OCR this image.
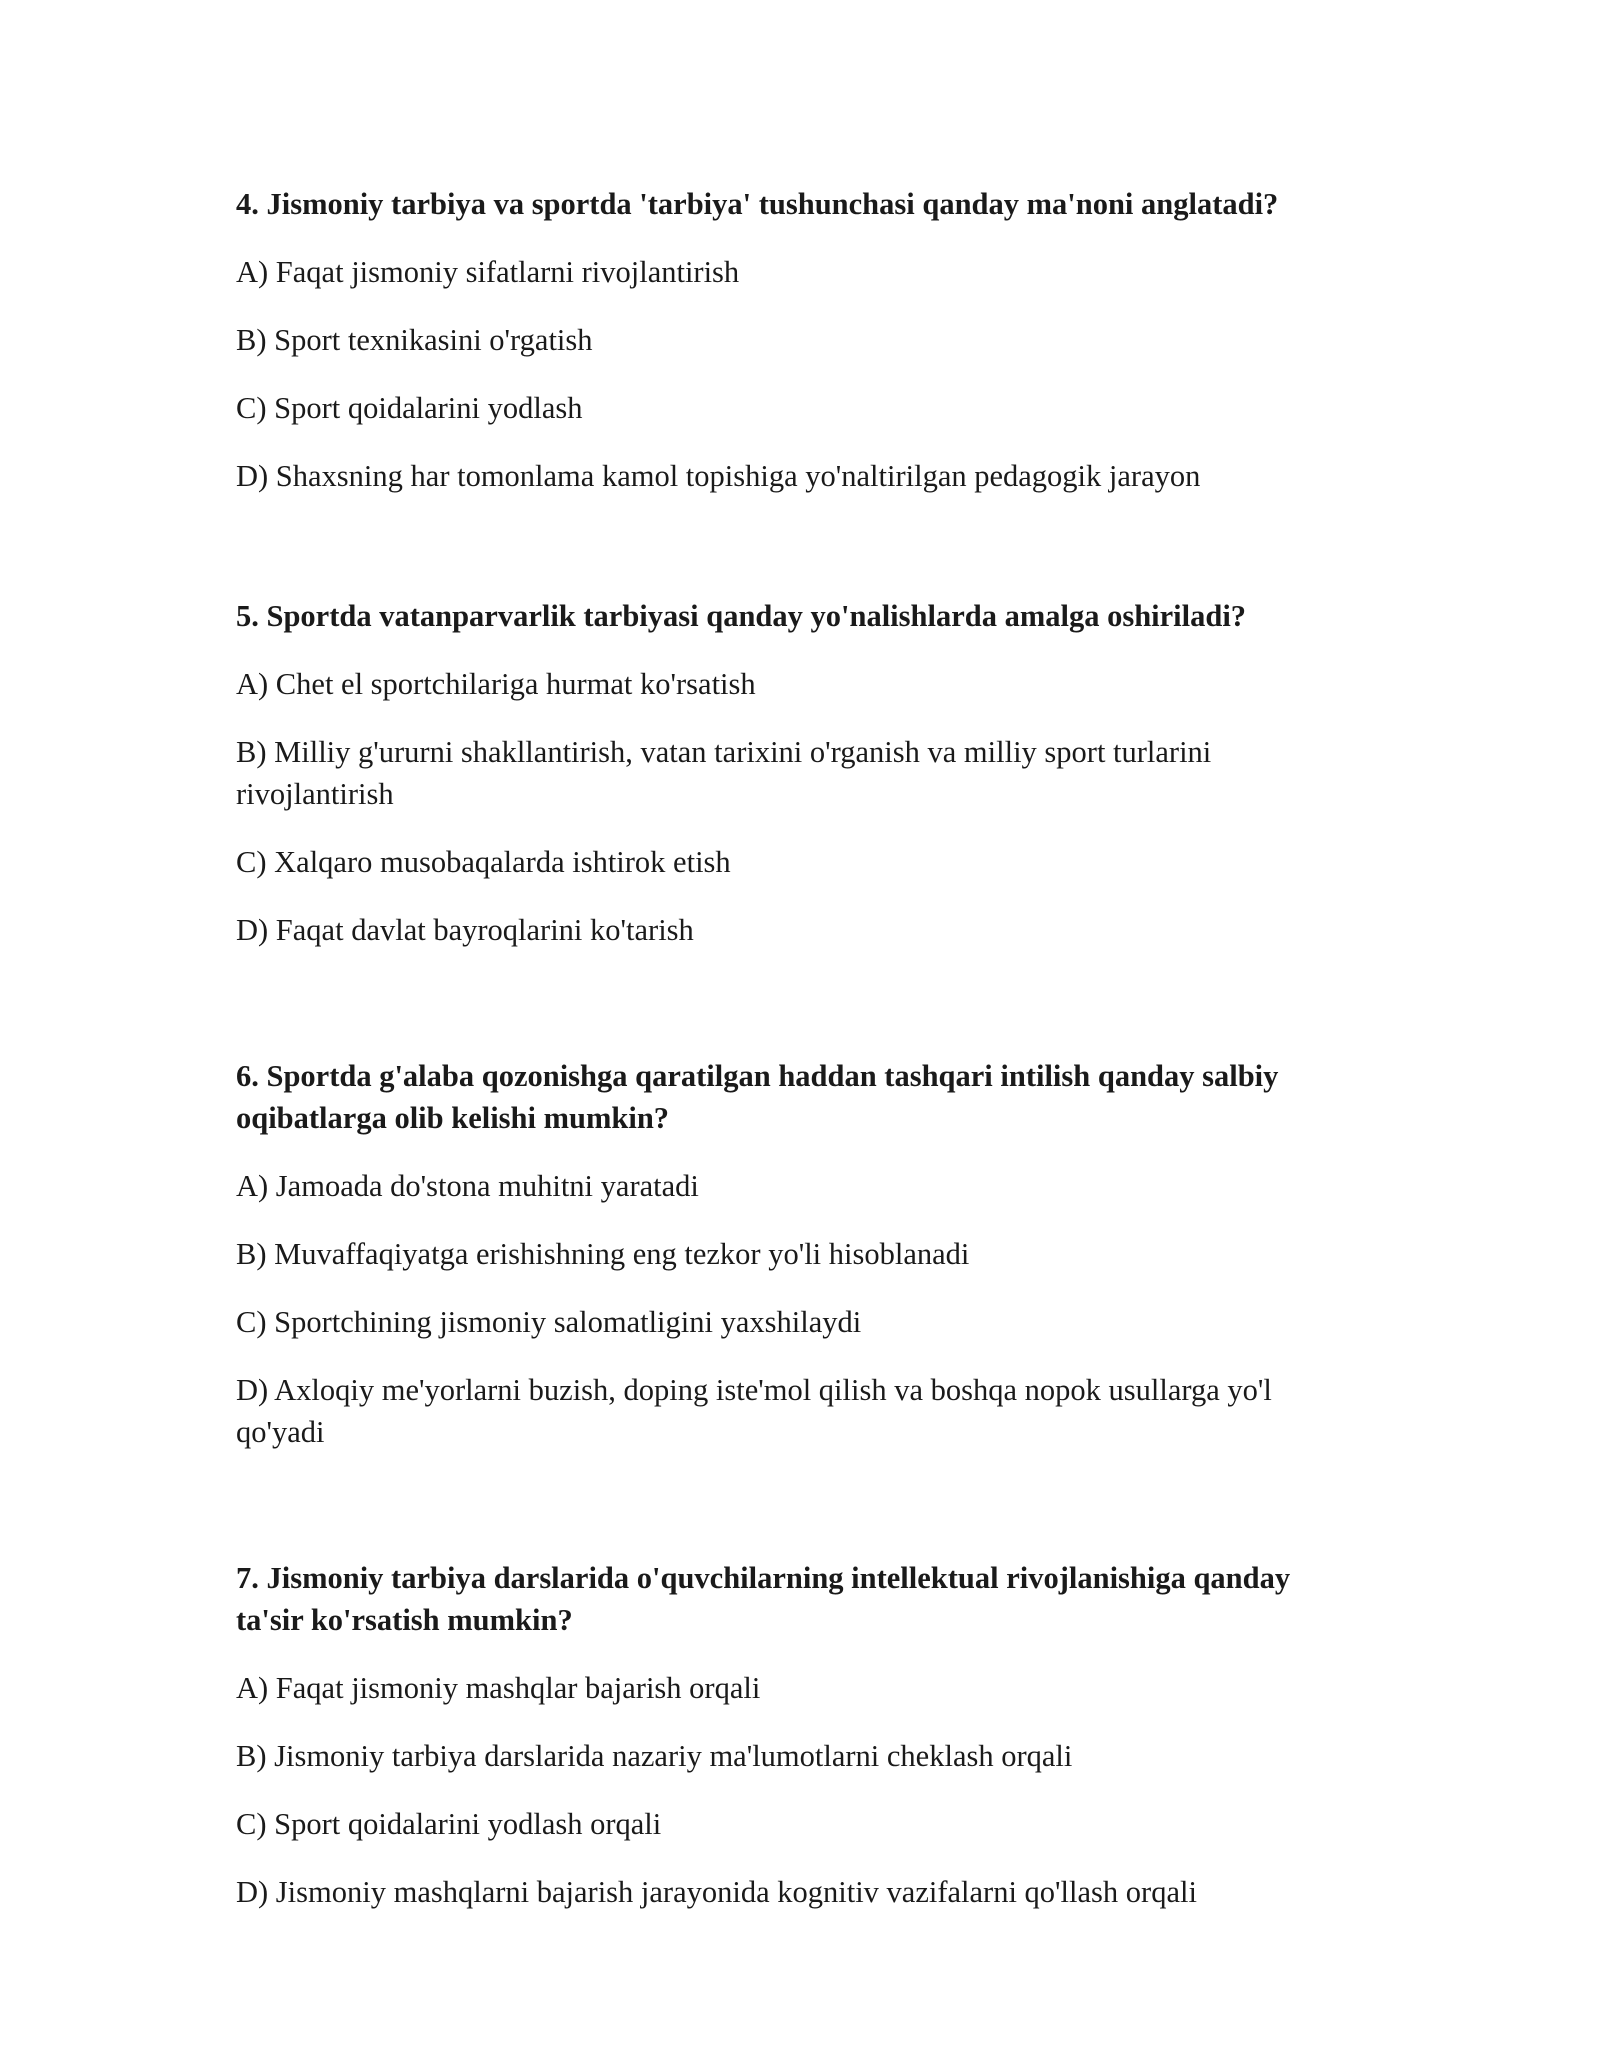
4. Jismoniy tarbiya va sportda 'tarbiya' tushunchasi qanday ma'noni anglatadi?

A) Faqat jismoniy sifatlarni rivojlantirish

B) Sport texnikasini o'rgatish

C) Sport qoidalarini yodlash

D) Shaxsning har tomonlama kamol topishiga yo'naltirilgan pedagogik jarayon

5. Sportda vatanparvarlik tarbiyasi qanday yo'nalishlarda amalga oshiriladi?

A) Chet el sportchilariga hurmat ko'rsatish

B) Milliy g'ururni shakllantirish, vatan tarixini o'rganish va milliy sport turlarini rivojlantirish

C) Xalqaro musobaqalarda ishtirok etish

D) Faqat davlat bayroqlarini ko'tarish

6. Sportda g'alaba qozonishga qaratilgan haddan tashqari intilish qanday salbiy oqibatlarga olib kelishi mumkin?

A) Jamoada do'stona muhitni yaratadi

B) Muvaffaqiyatga erishishning eng tezkor yo'li hisoblanadi

C) Sportchining jismoniy salomatligini yaxshilaydi

D) Axloqiy me'yorlarni buzish, doping iste'mol qilish va boshqa nopok usullarga yo'l qo'yadi

7. Jismoniy tarbiya darslarida o'quvchilarning intellektual rivojlanishiga qanday ta'sir ko'rsatish mumkin?

A) Faqat jismoniy mashqlar bajarish orqali

B) Jismoniy tarbiya darslarida nazariy ma'lumotlarni cheklash orqali

C) Sport qoidalarini yodlash orqali

D) Jismoniy mashqlarni bajarish jarayonida kognitiv vazifalarni qo'llash orqali
